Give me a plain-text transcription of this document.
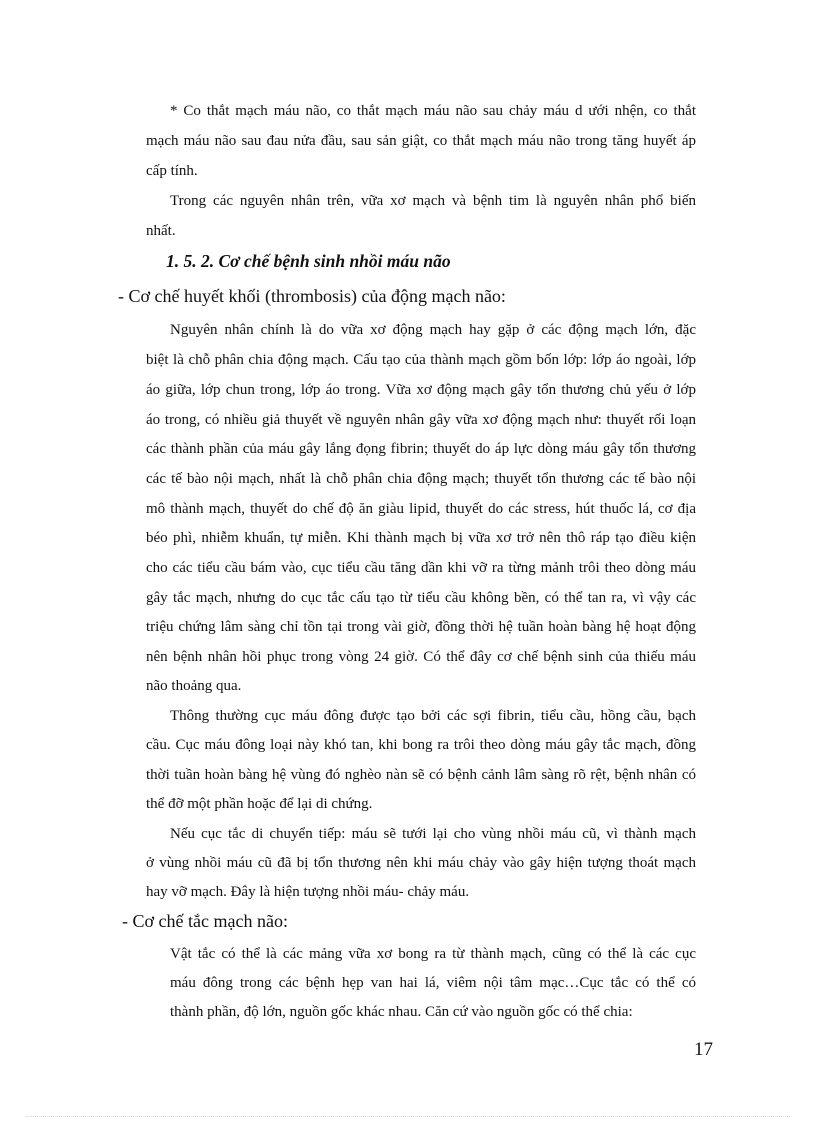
* Co thắt mạch máu não, co thắt mạch máu não sau chảy máu d ưới nhện, co thắt
mạch máu não sau đau nửa đầu, sau sản giật, co thắt mạch máu não trong tăng huyết áp
cấp tính.
Trong các nguyên nhân trên, vữa xơ mạch và bệnh tim là nguyên nhân phổ biến
nhất.
1. 5. 2. Cơ chế bệnh sinh nhồi máu não
- Cơ chế huyết khối (thrombosis) của động mạch não:
Nguyên nhân chính là do vữa xơ động mạch hay gặp ở các động mạch lớn, đặc
biệt là chỗ phân chia động mạch. Cấu tạo của thành mạch gồm bốn lớp: lớp áo ngoài, lớp
áo giữa, lớp chun trong, lớp áo trong. Vữa xơ động mạch gây tổn thương chủ yếu ở lớp
áo trong, có nhiều giả thuyết về nguyên nhân gây vữa xơ động mạch như: thuyết rối loạn
các thành phần của máu gây lắng đọng fibrin; thuyết do áp lực dòng máu gây tổn thương
các tế bào nội mạch, nhất là chỗ phân chia động mạch; thuyết tổn thương các tế bào nội
mô thành mạch, thuyết do chế độ ăn giàu lipid, thuyết do các stress, hút thuốc lá, cơ địa
béo phì, nhiễm khuẩn, tự miễn. Khi thành mạch bị vữa xơ trở nên thô ráp tạo điều kiện
cho các tiểu cầu bám vào, cục tiểu cầu tăng dần khi vỡ ra từng mảnh trôi theo dòng máu
gây tắc mạch, nhưng do cục tắc cấu tạo từ tiểu cầu không bền, có thể tan ra, vì vậy các
triệu chứng lâm sàng chỉ tồn tại trong vài giờ, đồng thời hệ tuần hoàn bàng hệ hoạt động
nên bệnh nhân hồi phục trong vòng 24 giờ. Có thể đây cơ chế bệnh sinh của thiếu máu
não thoảng qua.
Thông thường cục máu đông được tạo bởi các sợi fibrin, tiểu cầu, hồng cầu, bạch
cầu. Cục máu đông loại này khó tan, khi bong ra trôi theo dòng máu gây tắc mạch, đồng
thời tuần hoàn bàng hệ vùng đó nghèo nàn sẽ có bệnh cảnh lâm sàng rõ rệt, bệnh nhân có
thể đỡ một phần hoặc để lại di chứng.
Nếu cục tắc di chuyển tiếp: máu sẽ tưới lại cho vùng nhồi máu cũ, vì thành mạch
ở vùng nhồi máu cũ đã bị tổn thương nên khi máu chảy vào gây hiện tượng thoát mạch
hay vỡ mạch. Đây là hiện tượng nhồi máu- chảy máu.
- Cơ chế tắc mạch não:
Vật tắc có thể là các mảng vữa xơ bong ra từ thành mạch, cũng có thể là các cục
máu đông trong các bệnh hẹp van hai lá, viêm nội tâm mạc…Cục tắc có thể có
thành phần, độ lớn, nguồn gốc khác nhau. Căn cứ vào nguồn gốc có thể chia:
17
